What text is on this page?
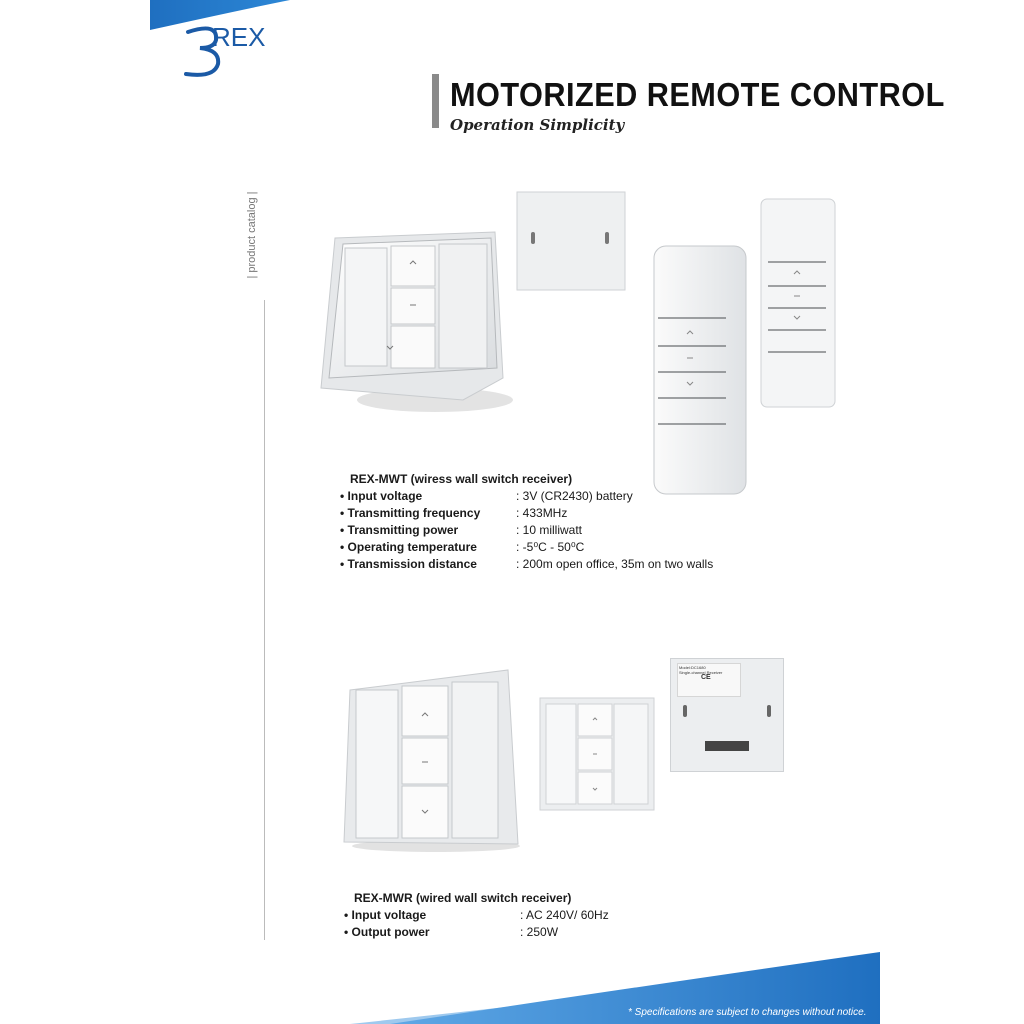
REX
MOTORIZED REMOTE CONTROL
Operation Simplicity
| product catalog |
REX-MWT (wiress wall switch receiver)
• Input voltage	: 3V (CR2430) battery
• Transmitting frequency	: 433MHz
• Transmitting power	: 10 milliwatt
• Operating temperature	: -5⁰C - 50⁰C
• Transmission distance	: 200m open office, 35m on two walls
Model:DC1680
Single-channel Receiver
CE
REX-MWR (wired wall switch receiver)
• Input voltage	: AC 240V/ 60Hz
• Output power	: 250W
* Specifications are subject to changes without notice.
